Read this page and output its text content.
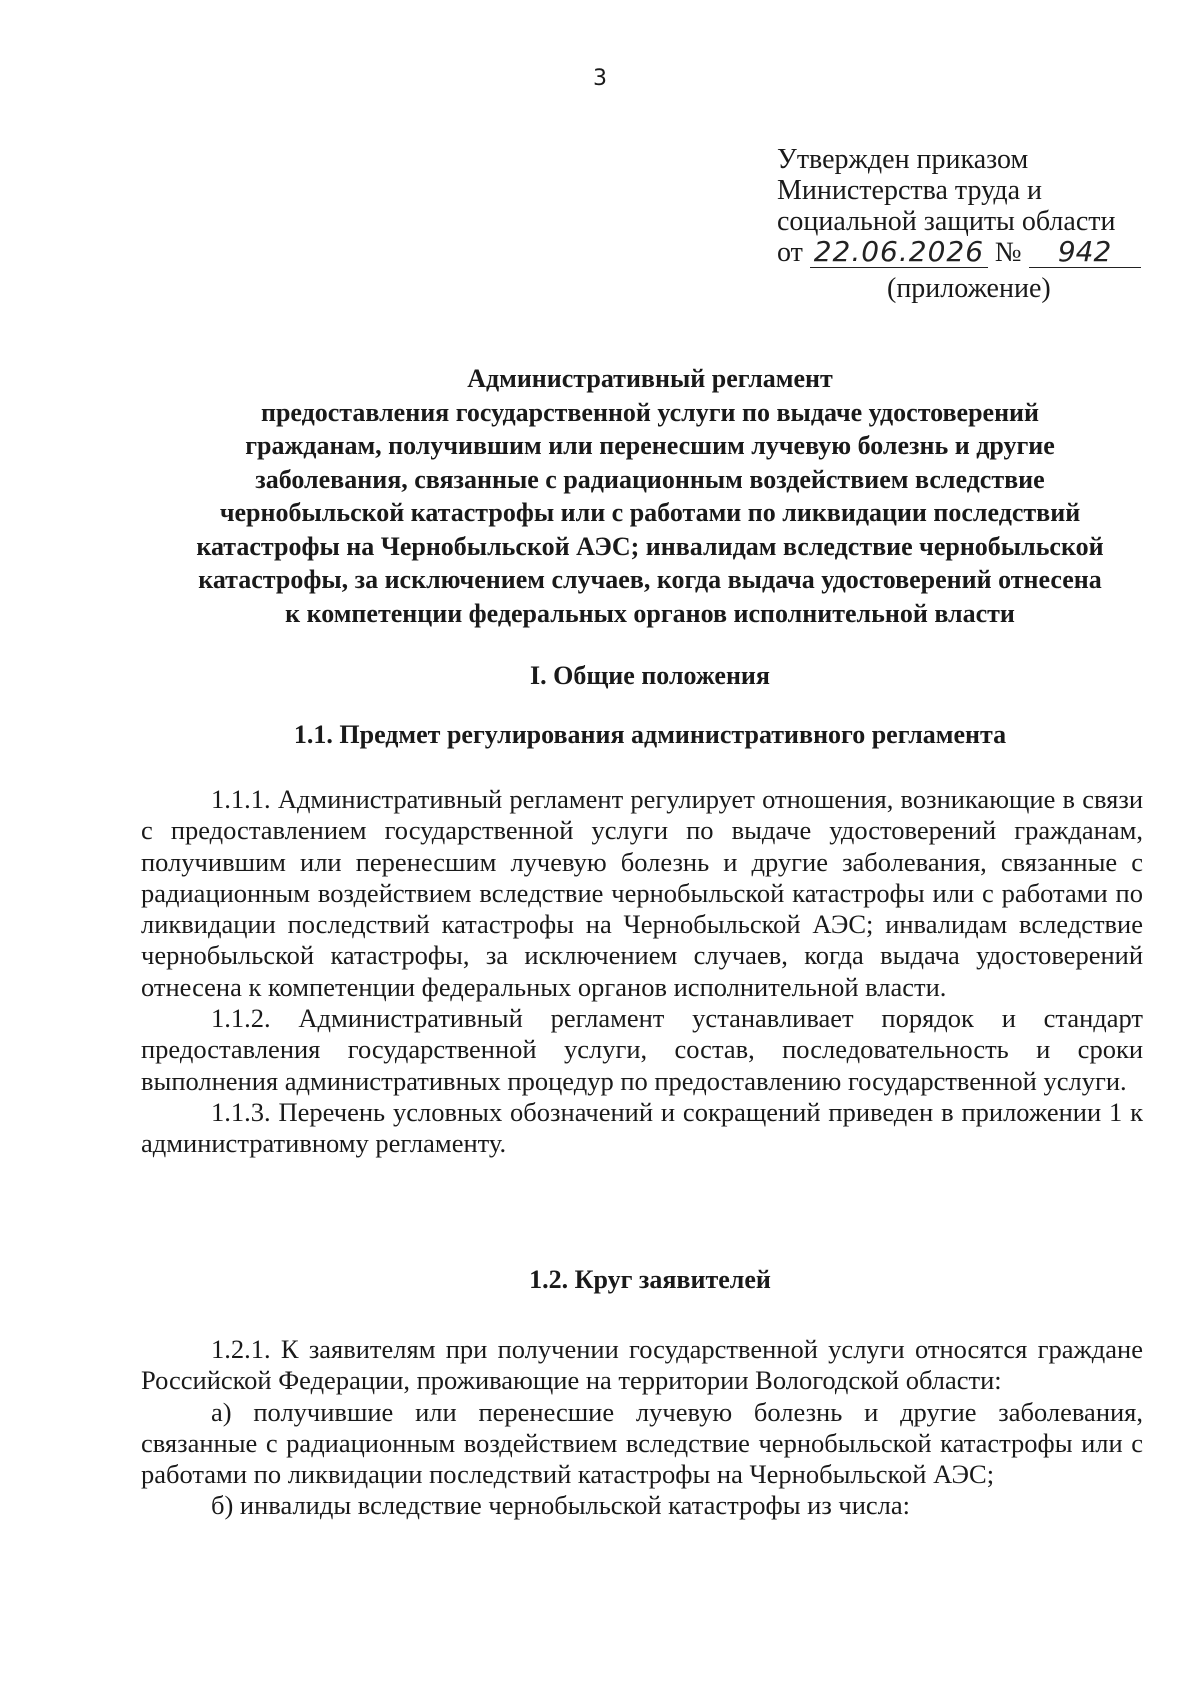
3
Утвержден приказом
Министерства труда и
социальной защиты области
от 22.06.2026 № 942
(приложение)
Административный регламент
предоставления государственной услуги по выдаче удостоверений
гражданам, получившим или перенесшим лучевую болезнь и другие
заболевания, связанные с радиационным воздействием вследствие
чернобыльской катастрофы или с работами по ликвидации последствий
катастрофы на Чернобыльской АЭС; инвалидам вследствие чернобыльской
катастрофы, за исключением случаев, когда выдача удостоверений отнесена
к компетенции федеральных органов исполнительной власти
I. Общие положения
1.1. Предмет регулирования административного регламента

1.1.1. Административный регламент регулирует отношения, возникающие в связи с предоставлением государственной услуги по выдаче удостоверений гражданам, получившим или перенесшим лучевую болезнь и другие заболевания, связанные с радиационным воздействием вследствие чернобыльской катастрофы или с работами по ликвидации последствий катастрофы на Чернобыльской АЭС; инвалидам вследствие чернобыльской катастрофы, за исключением случаев, когда выдача удостоверений отнесена к компетенции федеральных органов исполнительной власти.

1.1.2. Административный регламент устанавливает порядок и стандарт предоставления государственной услуги, состав, последовательность и сроки выполнения административных процедур по предоставлению государственной услуги.

1.1.3. Перечень условных обозначений и сокращений приведен в приложении 1 к административному регламенту.

1.2. Круг заявителей

1.2.1. К заявителям при получении государственной услуги относятся граждане Российской Федерации, проживающие на территории Вологодской области:

а) получившие или перенесшие лучевую болезнь и другие заболевания, связанные с радиационным воздействием вследствие чернобыльской катастрофы или с работами по ликвидации последствий катастрофы на Чернобыльской АЭС;

б) инвалиды вследствие чернобыльской катастрофы из числа:
